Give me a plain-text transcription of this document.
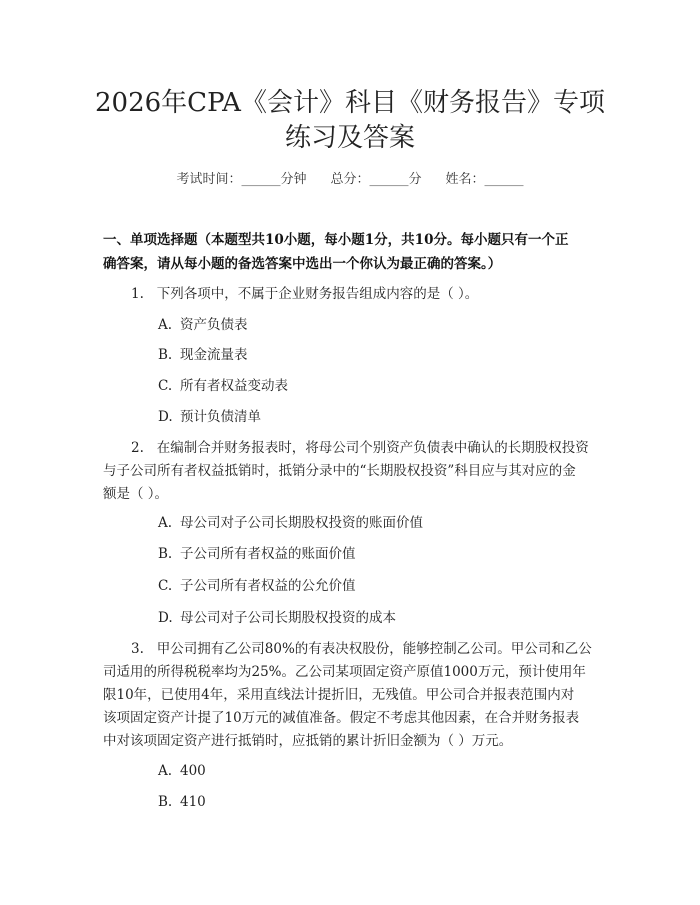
2026年CPA《会计》科目《财务报告》专项
练习及答案
考试时间：______分钟 总分：______分 姓名：______
一、单项选择题（本题型共10小题，每小题1分，共10分。每小题只有一个正
确答案，请从每小题的备选答案中选出一个你认为最正确的答案。）
1. 下列各项中，不属于企业财务报告组成内容的是（ ）。
A. 资产负债表
B. 现金流量表
C. 所有者权益变动表
D. 预计负债清单
2. 在编制合并财务报表时，将母公司个别资产负债表中确认的长期股权投资
与子公司所有者权益抵销时，抵销分录中的“长期股权投资”科目应与其对应的金
额是（ ）。
A. 母公司对子公司长期股权投资的账面价值
B. 子公司所有者权益的账面价值
C. 子公司所有者权益的公允价值
D. 母公司对子公司长期股权投资的成本
3. 甲公司拥有乙公司80%的有表决权股份，能够控制乙公司。甲公司和乙公
司适用的所得税税率均为25%。乙公司某项固定资产原值1000万元，预计使用年
限10年，已使用4年，采用直线法计提折旧，无残值。甲公司合并报表范围内对
该项固定资产计提了10万元的减值准备。假定不考虑其他因素，在合并财务报表
中对该项固定资产进行抵销时，应抵销的累计折旧金额为（ ）万元。
A. 400
B. 410
